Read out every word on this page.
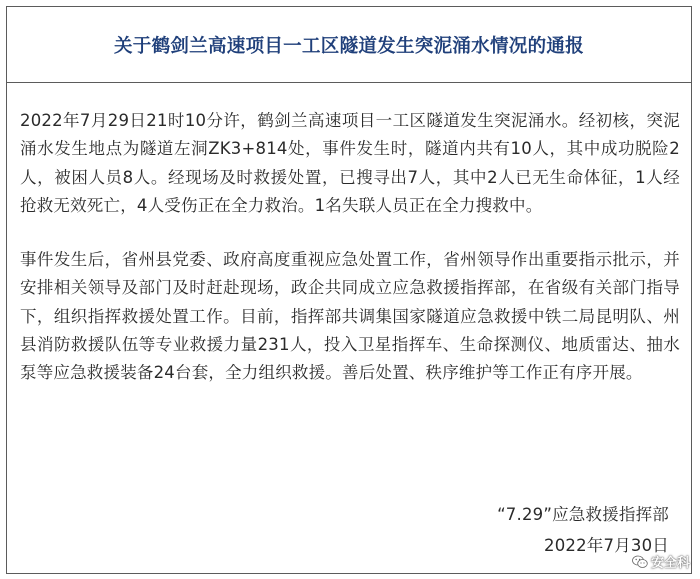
关于鹤剑兰高速项目一工区隧道发生突泥涌水情况的通报

2022年7月29日21时10分许，鹤剑兰高速项目一工区隧道发生突泥涌水。经初核，突泥涌水发生地点为隧道左洞ZK3+814处，事件发生时，隧道内共有10人，其中成功脱险2人，被困人员8人。经现场及时救援处置，已搜寻出7人，其中2人已无生命体征，1人经抢救无效死亡，4人受伤正在全力救治。1名失联人员正在全力搜救中。

事件发生后，省州县党委、政府高度重视应急处置工作，省州领导作出重要指示批示，并安排相关领导及部门及时赶赴现场，政企共同成立应急救援指挥部，在省级有关部门指导下，组织指挥救援处置工作。目前，指挥部共调集国家隧道应急救援中铁二局昆明队、州县消防救援队伍等专业救援力量231人，投入卫星指挥车、生命探测仪、地质雷达、抽水泵等应急救援装备24台套，全力组织救援。善后处置、秩序维护等工作正有序开展。

“7.29”应急救援指挥部
2022年7月30日
安全科
